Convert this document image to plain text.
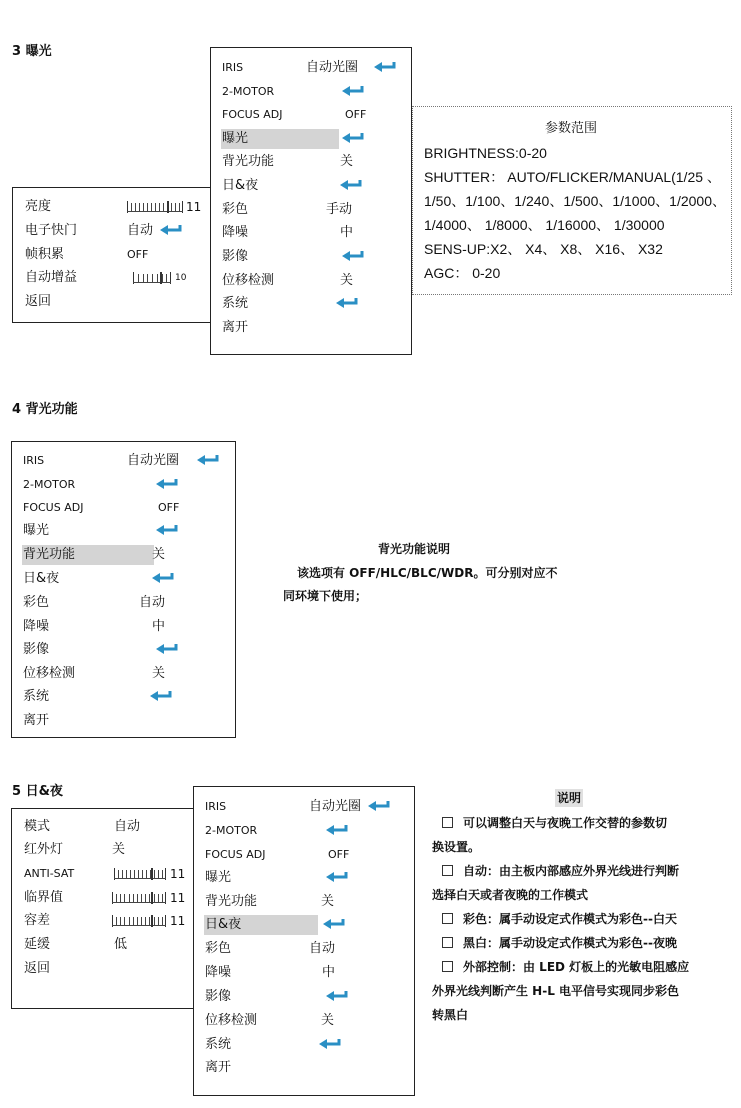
3 曝光
IRIS	自动光圈
2-MOTOR
FOCUS ADJ	OFF
曝光
背光功能	关
日&夜
彩色	手动
降噪	中
影像
位移检测	关
系统
离开
亮度	11
电子快门	自动
帧积累	OFF
自动增益	10
返回
参数范围
BRIGHTNESS:0-20
SHUTTER： AUTO/FLICKER/MANUAL(1/25 、
1/50、1/100、1/240、1/500、1/1000、1/2000、
1/4000、 1/8000、 1/16000、 1/30000
SENS-UP:X2、 X4、 X8、 X16、 X32
AGC： 0-20
4 背光功能
IRIS	自动光圈
2-MOTOR
FOCUS ADJ	OFF
曝光
背光功能	关
日&夜
彩色	自动
降噪	中
影像
位移检测	关
系统
离开
背光功能说明
该选项有 OFF/HLC/BLC/WDR。可分别对应不
同环境下使用；
5 日&夜
模式	自动
红外灯	关
ANTI-SAT	11
临界值	11
容差	11
延缓	低
返回
IRIS	自动光圈
2-MOTOR
FOCUS ADJ	OFF
曝光
背光功能	关
日&夜
彩色	自动
降噪	中
影像
位移检测	关
系统
离开
说明
可以调整白天与夜晚工作交替的参数切
换设置。
自动：由主板内部感应外界光线进行判断
选择白天或者夜晚的工作模式
彩色：属手动设定式作模式为彩色--白天
黑白：属手动设定式作模式为彩色--夜晚
外部控制：由 LED 灯板上的光敏电阻感应
外界光线判断产生 H-L 电平信号实现同步彩色
转黑白
